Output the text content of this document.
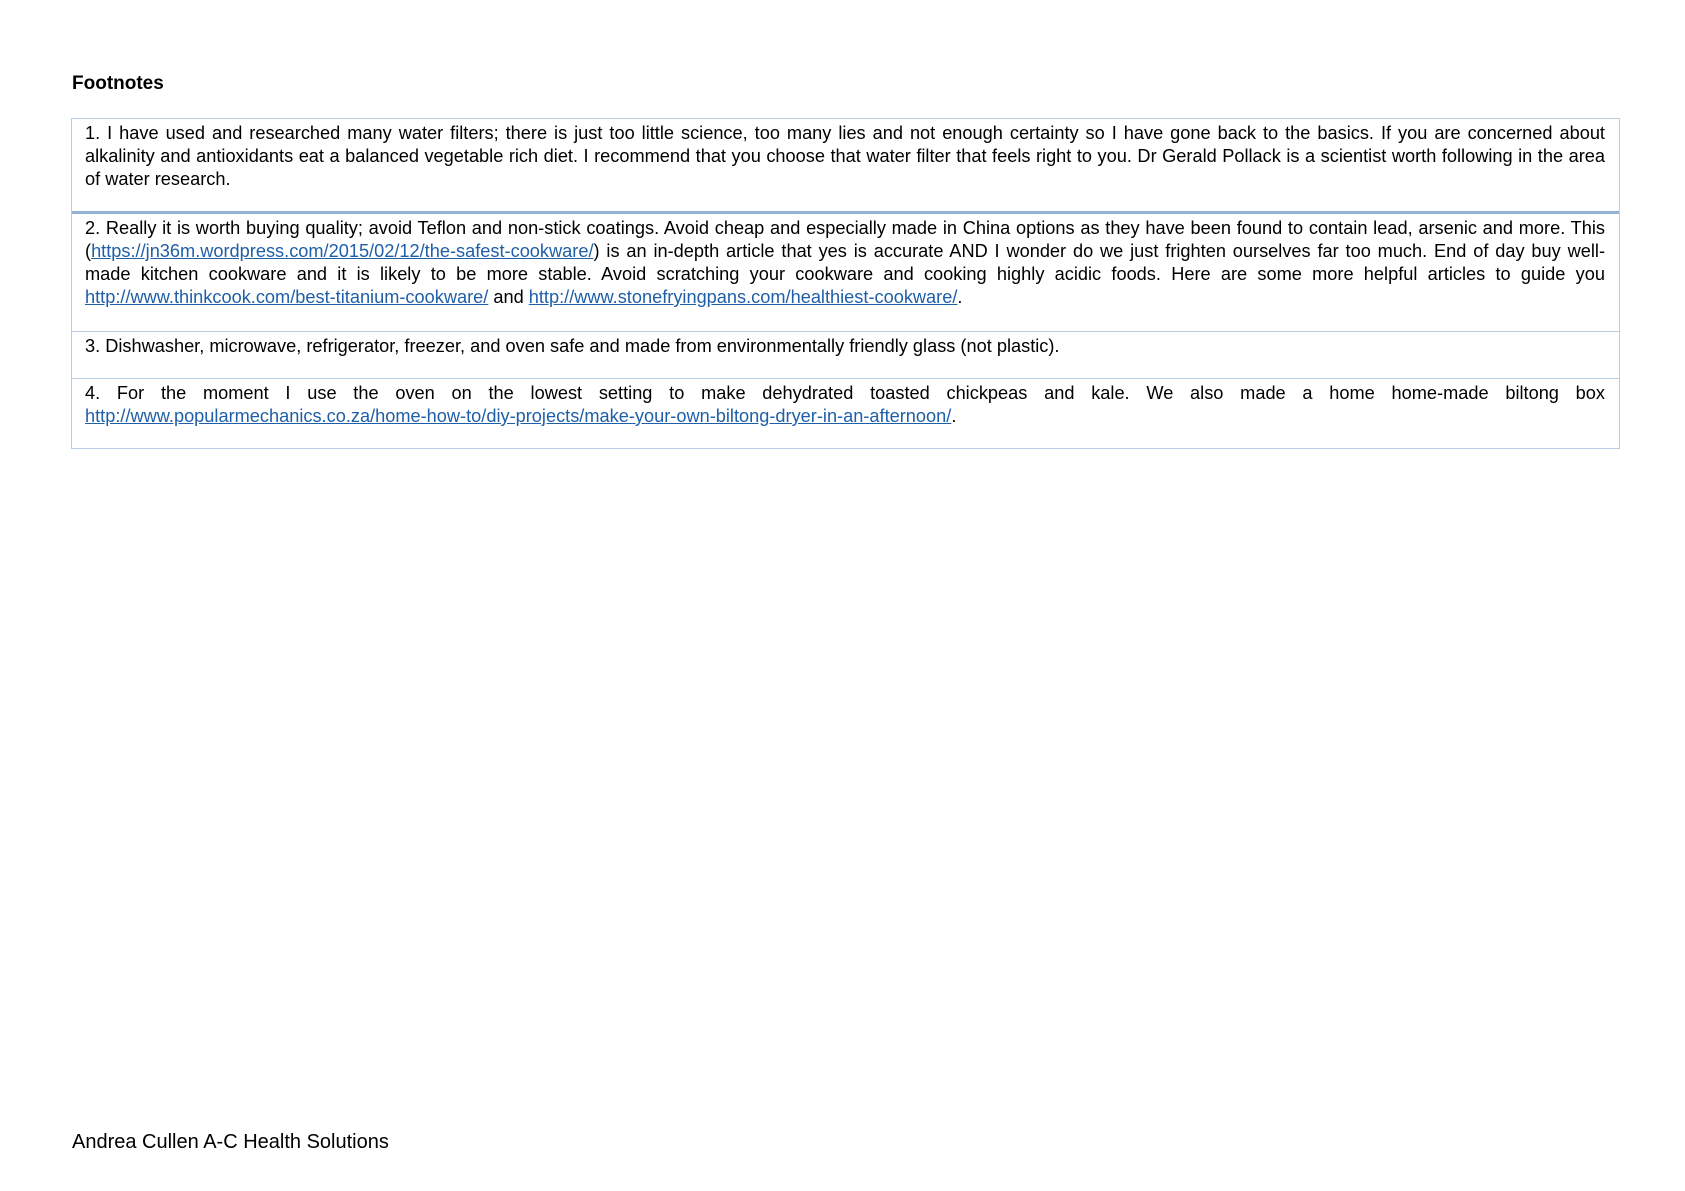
Footnotes
1. I have used and researched many water filters; there is just too little science, too many lies and not enough certainty so I have gone back to the basics. If you are concerned about alkalinity and antioxidants eat a balanced vegetable rich diet. I recommend that you choose that water filter that feels right to you. Dr Gerald Pollack is a scientist worth following in the area of water research.
2. Really it is worth buying quality; avoid Teflon and non-stick coatings. Avoid cheap and especially made in China options as they have been found to contain lead, arsenic and more. This (https://jn36m.wordpress.com/2015/02/12/the-safest-cookware/) is an in-depth article that yes is accurate AND I wonder do we just frighten ourselves far too much. End of day buy well-made kitchen cookware and it is likely to be more stable. Avoid scratching your cookware and cooking highly acidic foods. Here are some more helpful articles to guide you http://www.thinkcook.com/best-titanium-cookware/ and http://www.stonefryingpans.com/healthiest-cookware/.
3. Dishwasher, microwave, refrigerator, freezer, and oven safe and made from environmentally friendly glass (not plastic).
4. For the moment I use the oven on the lowest setting to make dehydrated toasted chickpeas and kale. We also made a home home-made biltong box http://www.popularmechanics.co.za/home-how-to/diy-projects/make-your-own-biltong-dryer-in-an-afternoon/.

Andrea Cullen A-C Health Solutions
